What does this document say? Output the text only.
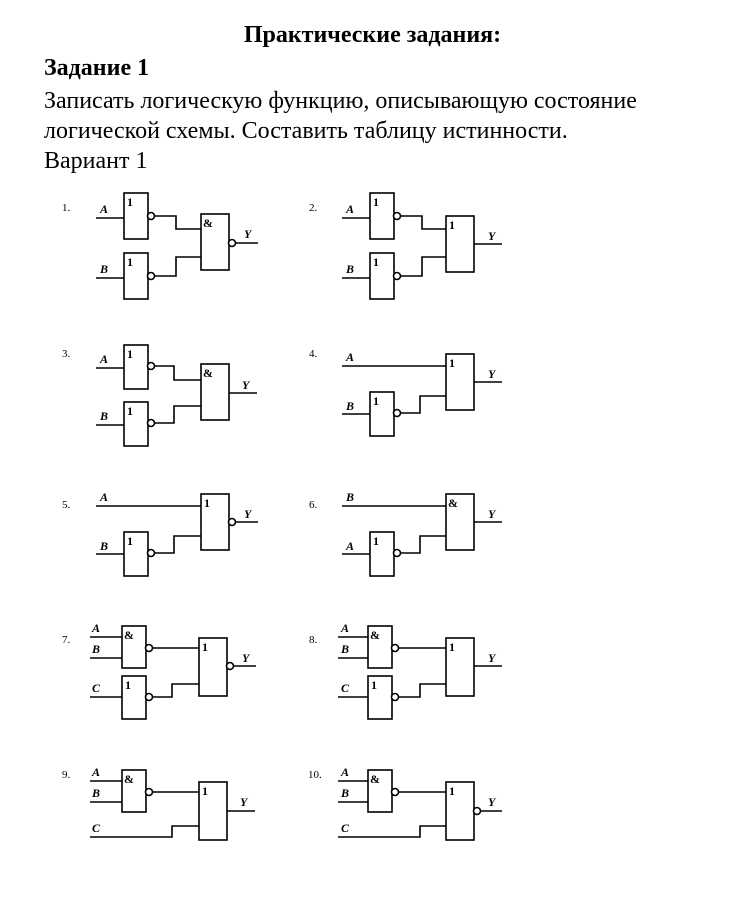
Практические задания:
Задание 1

Записать логическую функцию, описывающую состояние логической схемы. Составить таблицу истинности.

Вариант 1

1. A
B
1
1
&
Y
2. A
B
1
1
1
Y
3. A
B
1
1
&
Y
4. A
B 1
1
Y
5.
A
B 1
1
Y
6.
B
A 1
&
Y
7.
A
B
C
&
1
1
Y
8.
A
B
C
&
1
1
Y
9. A
B
C
&
1
Y
10. A
B
C
&
1
Y
